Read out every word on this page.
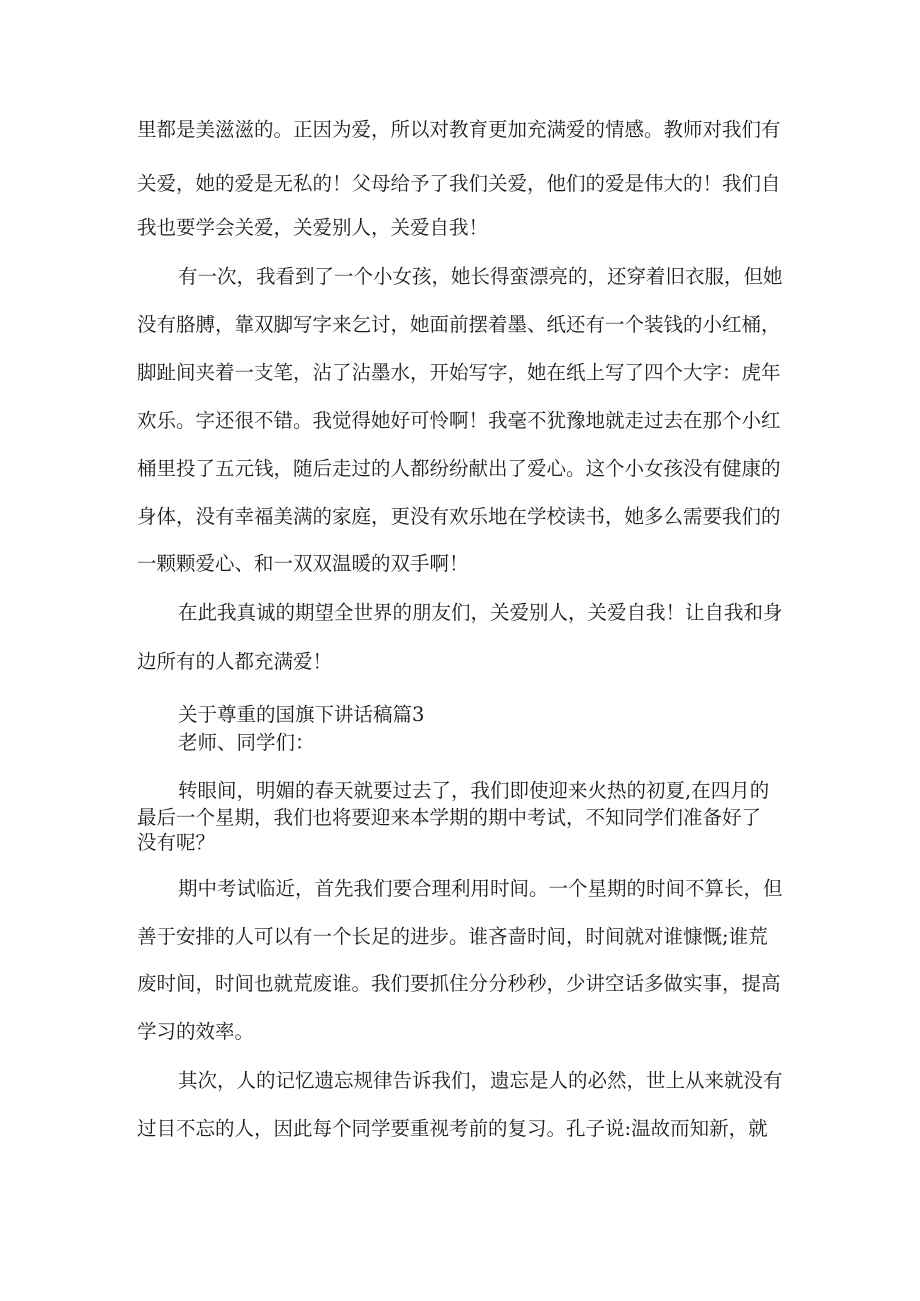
里都是美滋滋的。正因为爱，所以对教育更加充满爱的情感。教师对我们有
关爱，她的爱是无私的！父母给予了我们关爱，他们的爱是伟大的！我们自
我也要学会关爱，关爱别人，关爱自我！
有一次，我看到了一个小女孩，她长得蛮漂亮的，还穿着旧衣服，但她
没有胳膊，靠双脚写字来乞讨，她面前摆着墨、纸还有一个装钱的小红桶，
脚趾间夹着一支笔，沾了沾墨水，开始写字，她在纸上写了四个大字：虎年
欢乐。字还很不错。我觉得她好可怜啊！我毫不犹豫地就走过去在那个小红
桶里投了五元钱，随后走过的人都纷纷献出了爱心。这个小女孩没有健康的
身体，没有幸福美满的家庭，更没有欢乐地在学校读书，她多么需要我们的
一颗颗爱心、和一双双温暖的双手啊！
在此我真诚的期望全世界的朋友们，关爱别人，关爱自我！让自我和身
边所有的人都充满爱！
关于尊重的国旗下讲话稿篇3
老师、同学们：
转眼间，明媚的春天就要过去了，我们即使迎来火热的初夏,在四月的
最后一个星期，我们也将要迎来本学期的期中考试，不知同学们准备好了
没有呢？
期中考试临近，首先我们要合理利用时间。一个星期的时间不算长，但
善于安排的人可以有一个长足的进步。谁吝啬时间，时间就对谁慷慨;谁荒
废时间，时间也就荒废谁。我们要抓住分分秒秒，少讲空话多做实事，提高
学习的效率。
其次，人的记忆遗忘规律告诉我们，遗忘是人的必然，世上从来就没有
过目不忘的人，因此每个同学要重视考前的复习。孔子说:温故而知新，就
